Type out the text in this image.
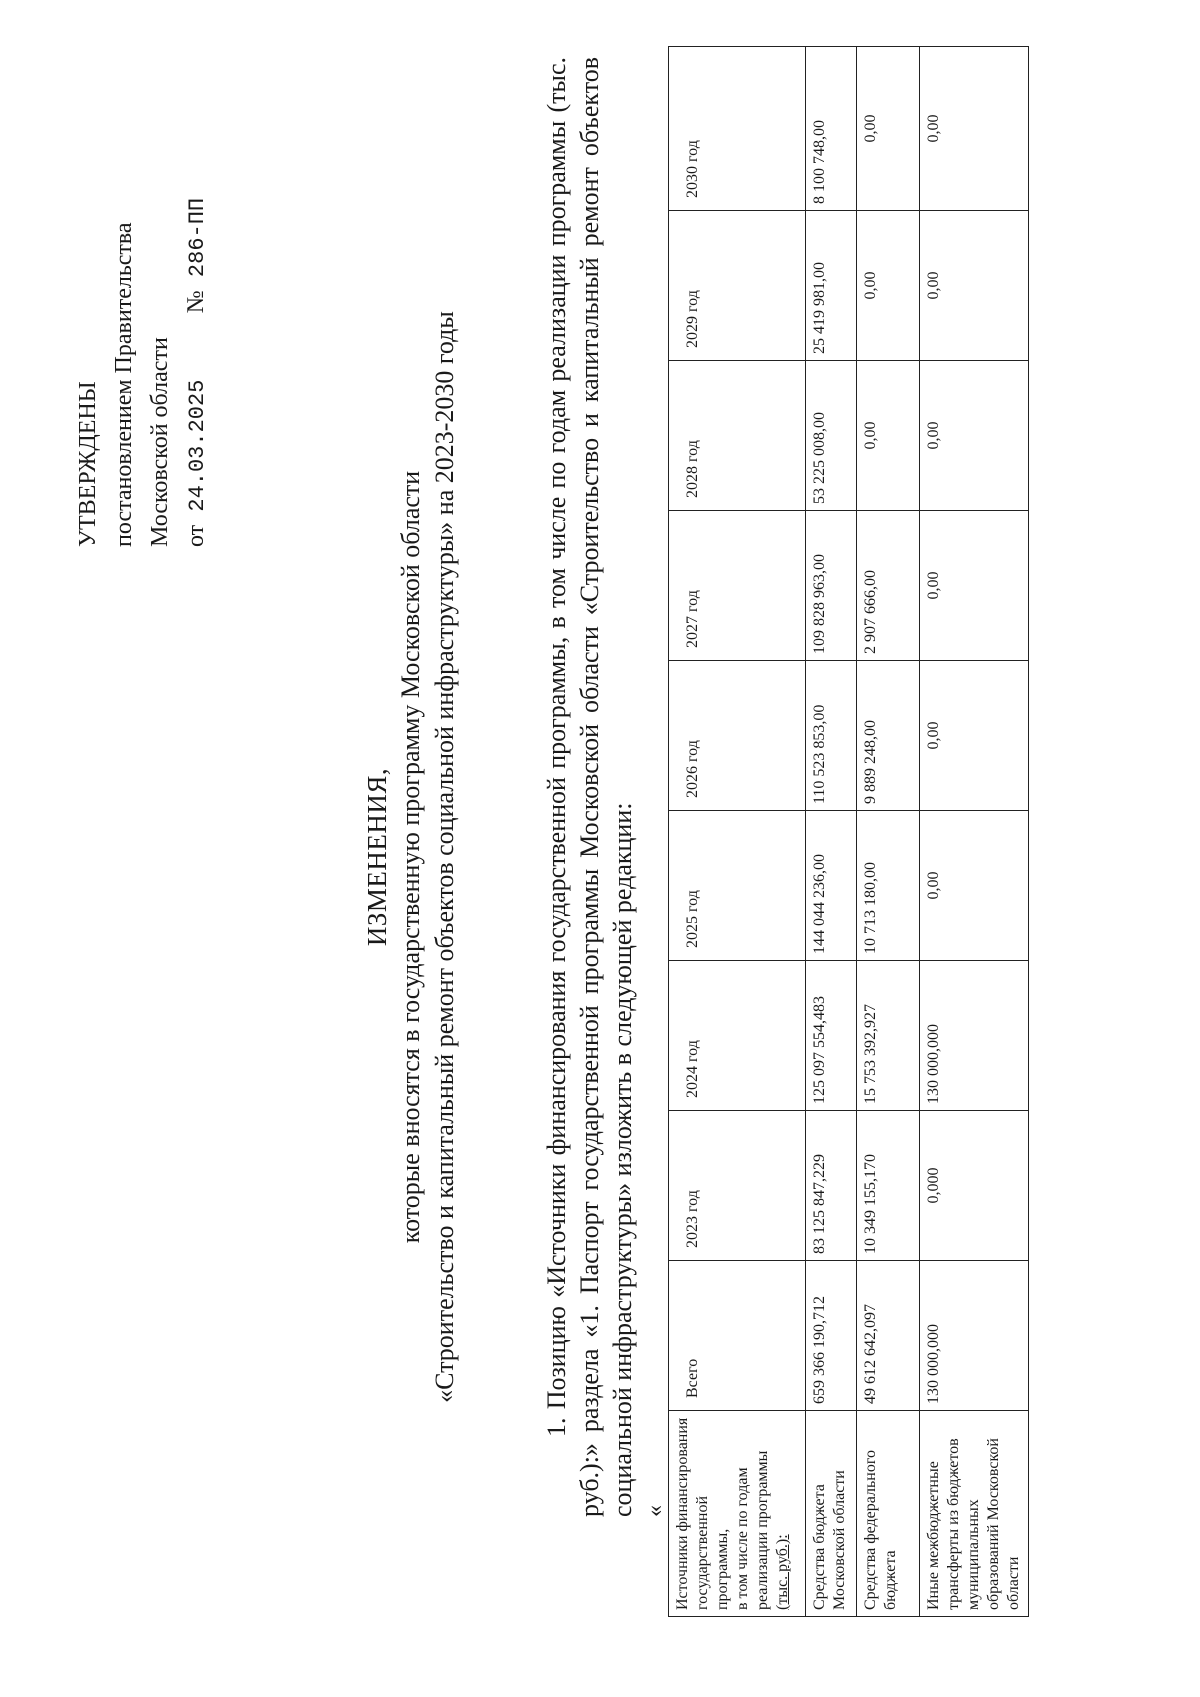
УТВЕРЖДЕНЫ постановлением Правительства Московской области от 24.03.2025  № 286-ПП
ИЗМЕНЕНИЯ, которые вносятся в государственную программу Московской области «Строительство и капитальный ремонт объектов социальной инфраструктуры» на 2023-2030 годы	1. Позицию «Источники финансирования государственной программы, в том числе по годам реализации программы (тыс. руб.):» раздела «1. Паспорт государственной программы Московской области «Строительство и капитальный ремонт объектов социальной инфраструктуры» изложить в следующей редакции: « Источники финансирования государственной программы, в том числе по годам реализации программы (тыс. руб.):	Всего	2023 год	2024 год	2025 год	2026 год	2027 год	2028 год	2029 год	2030 год
Средства бюджета Московской области	659 366 190,712	83 125 847,229	125 097 554,483	144 044 236,00	110 523 853,00	109 828 963,00	53 225 008,00	25 419 981,00	8 100 748,00
Средства федерального бюджета	49 612 642,097	10 349 155,170	15 753 392,927	10 713 180,00	9 889 248,00	2 907 666,00	0,00	0,00	0,00
Иные межбюджетные трансферты из бюджетов муниципальных образований Московской области	130 000,000	0,000	130 000,000	0,00	0,00	0,00	0,00	0,00	0,00
